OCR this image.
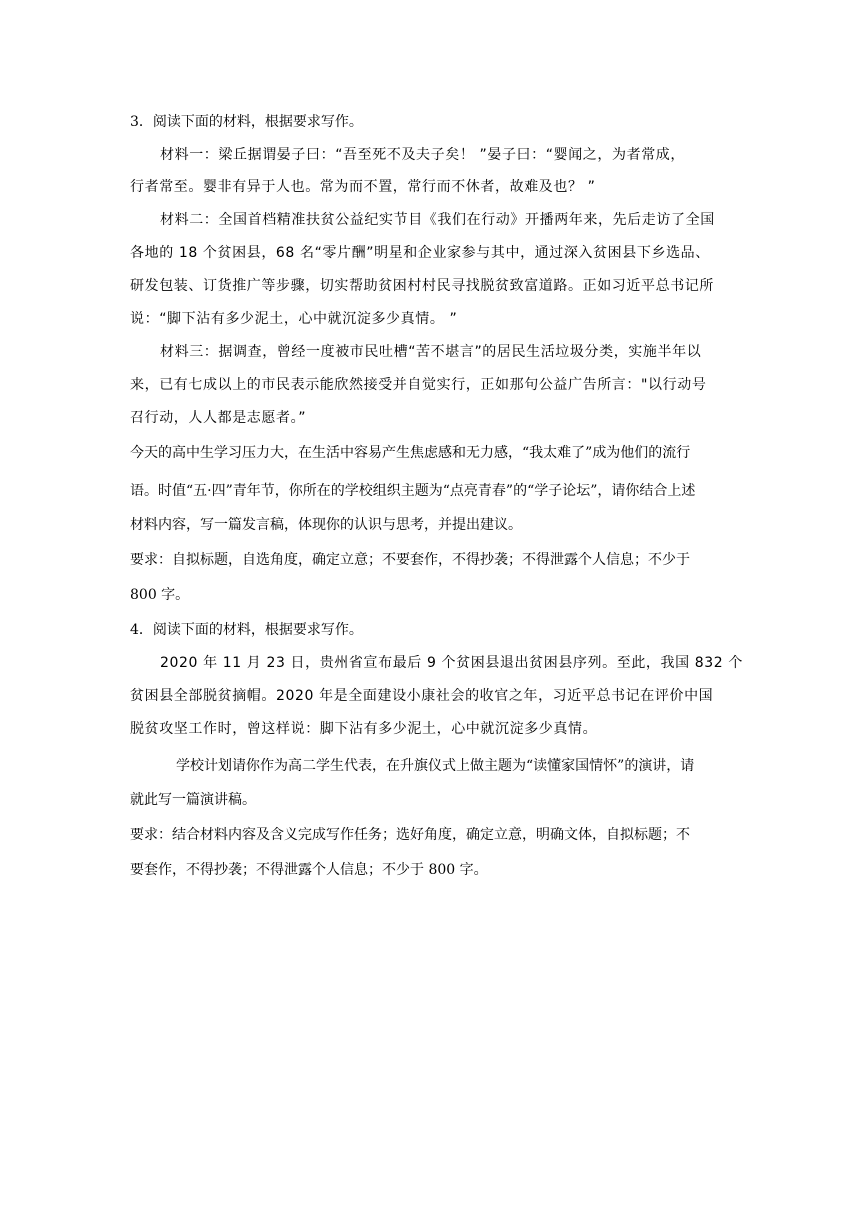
3．阅读下面的材料，根据要求写作。
材料一：梁丘据谓晏子曰：“吾至死不及夫子矣！ ”晏子曰：“婴闻之，为者常成，
行者常至。婴非有异于人也。常为而不置，常行而不休者，故难及也？ ”
材料二：全国首档精准扶贫公益纪实节目《我们在行动》开播两年来，先后走访了全国
各地的 18 个贫困县，68 名“零片酬”明星和企业家参与其中，通过深入贫困县下乡选品、
研发包装、订货推广等步骤，切实帮助贫困村村民寻找脱贫致富道路。正如习近平总书记所
说：“脚下沾有多少泥土，心中就沉淀多少真情。 ”
材料三：据调查，曾经一度被市民吐槽“苦不堪言”的居民生活垃圾分类，实施半年以
来，已有七成以上的市民表示能欣然接受并自觉实行，正如那句公益广告所言："以行动号
召行动，人人都是志愿者。”
今天的高中生学习压力大，在生活中容易产生焦虑感和无力感，“我太难了”成为他们的流行
语。时值“五·四”青年节，你所在的学校组织主题为“点亮青春”的“学子论坛”，请你结合上述
材料内容，写一篇发言稿，体现你的认识与思考，并提出建议。
要求：自拟标题，自选角度，确定立意；不要套作，不得抄袭；不得泄露个人信息；不少于
800 字。
4．阅读下面的材料，根据要求写作。
2020 年 11 月 23 日，贵州省宣布最后 9 个贫困县退出贫困县序列。至此，我国 832 个
贫困县全部脱贫摘帽。2020 年是全面建设小康社会的收官之年，习近平总书记在评价中国
脱贫攻坚工作时，曾这样说：脚下沾有多少泥土，心中就沉淀多少真情。
学校计划请你作为高二学生代表，在升旗仪式上做主题为“读懂家国情怀”的演讲，请
就此写一篇演讲稿。
要求：结合材料内容及含义完成写作任务；选好角度，确定立意，明确文体，自拟标题；不
要套作，不得抄袭；不得泄露个人信息；不少于 800 字。
